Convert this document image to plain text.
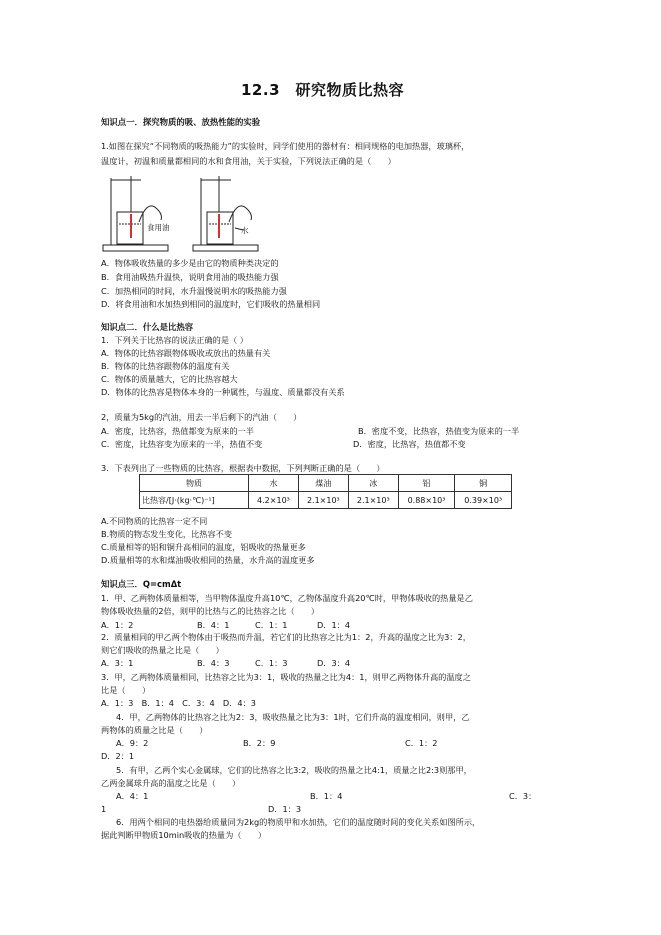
12.3　研究物质比热容
知识点一．探究物质的吸、放热性能的实验
1.如图在探究“不同物质的吸热能力”的实验时，同学们使用的器材有：相同规格的电加热器，玻璃杯，
温度计，初温和质量都相同的水和食用油，关于实验，下列说法正确的是（　　）
食用油	水
A．物体吸收热量的多少是由它的物质种类决定的
B．食用油吸热升温快，说明食用油的吸热能力强
C．加热相同的时间，水升温慢说明水的吸热能力强
D．将食用油和水加热到相同的温度时，它们吸收的热量相同
知识点二．什么是比热容
1．下列关于比热容的说法正确的是（ ）
A．物体的比热容跟物体吸收或放出的热量有关
B．物体的比热容跟物体的温度有关
C．物体的质量越大，它的比热容越大
D．物体的比热容是物体本身的一种属性，与温度、质量都没有关系
2，质量为5kg的汽油，用去一半后剩下的汽油（　　）
A．密度，比热容，热值都变为原来的一半	B．密度不变，比热容，热值变为原来的一半
C．密度，比热容变为原来的一半，热值不变	D．密度，比热容，热值都不变
3．下表列出了一些物质的比热容，根据表中数据，下列判断正确的是（　　）
物质	水	煤油	冰	铝	铜
比热容/[J·(kg·℃)⁻¹]	4.2×10³	2.1×10³	2.1×10³	0.88×10³	0.39×10³
A.不同物质的比热容一定不同
B.物质的物态发生变化，比热容不变
C.质量相等的铝和铜升高相同的温度，铝吸收的热量更多
D.质量相等的水和煤油吸收相同的热量，水升高的温度更多
知识点三．Q=cmΔt
1．甲、乙两物体质量相等，当甲物体温度升高10℃，乙物体温度升高20℃时，甲物体吸收的热量是乙
物体吸收热量的2倍，则甲的比热与乙的比热容之比（　　）
A．1：2	B．4：1	C．1：1	D．1：4
2．质量相同的甲乙两个物体由于吸热而升温，若它们的比热容之比为1：2，升高的温度之比为3：2，
则它们吸收的热量之比是（　　）
A．3：1	B．4：3	C．1：3	D．3：4
3．甲，乙两物体质量相同，比热容之比为3：1，吸收的热量之比为4：1，则甲乙两物体升高的温度之
比是（　　）
A．1：3　B．1：4　C．3：4　D．4：3
4．甲，乙两物体的比热容之比为2：3，吸收热量之比为3：1时，它们升高的温度相同，则甲，乙
两物体的质量之比是（　　）
A．9：2	B．2：9	C．1：2
D．2：1
5．有甲，乙两个实心金属球，它们的比热容之比3:2，吸收的热量之比4:1，质量之比2:3则那甲，
乙两金属球升高的温度之比是（　　）
A．4：1	B．1：4	C．3：
1	D．1：3
6．用两个相同的电热器给质量同为2kg的物质甲和水加热，它们的温度随时间的变化关系如图所示，
据此判断甲物质10min吸收的热量为（　　）
